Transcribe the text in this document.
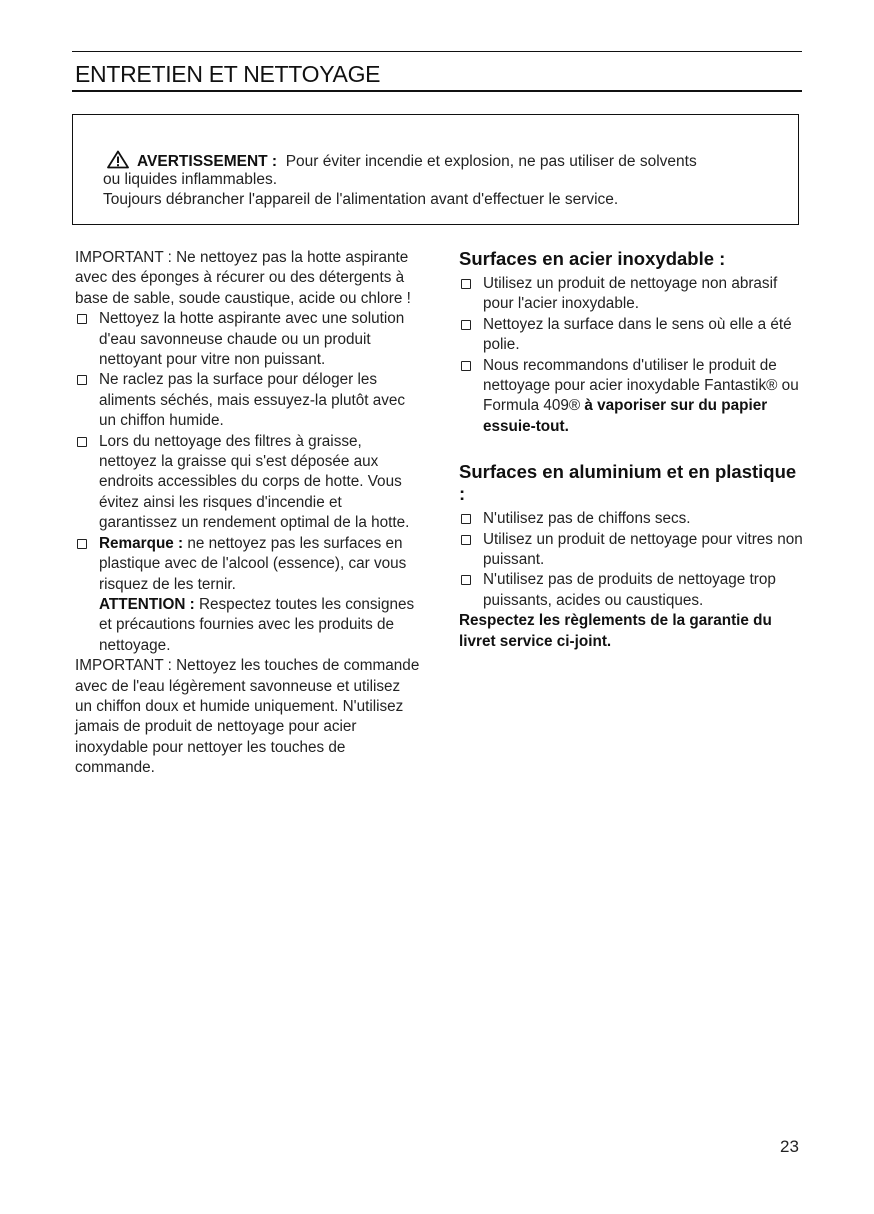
ENTRETIEN ET NETTOYAGE
AVERTISSEMENT : Pour éviter incendie et explosion, ne pas utiliser de solvents
ou liquides inflammables.
Toujours débrancher l'appareil de l'alimentation avant d'effectuer le service.

IMPORTANT : Ne nettoyez pas la hotte aspirante avec des éponges à récurer ou des détergents à base de sable, soude caustique, acide ou chlore !

Nettoyez la hotte aspirante avec une solution d'eau savonneuse chaude ou un produit nettoyant pour vitre non puissant.
Ne raclez pas la surface pour déloger les aliments séchés, mais essuyez-la plutôt avec un chiffon humide.
Lors du nettoyage des filtres à graisse, nettoyez la graisse qui s'est déposée aux endroits accessibles du corps de hotte. Vous évitez ainsi les risques d'incendie et garantissez un rendement optimal de la hotte.
Remarque : ne nettoyez pas les surfaces en plastique avec de l'alcool (essence), car vous risquez de les ternir.

ATTENTION : Respectez toutes les consignes et précautions fournies avec les produits de nettoyage.

IMPORTANT : Nettoyez les touches de commande avec de l'eau légèrement savonneuse et utilisez un chiffon doux et humide uniquement. N'utilisez jamais de produit de nettoyage pour acier inoxydable pour nettoyer les touches de commande.

Surfaces en acier inoxydable :
Utilisez un produit de nettoyage non abrasif pour l'acier inoxydable.
Nettoyez la surface dans le sens où elle a été polie.
Nous recommandons d'utiliser le produit de nettoyage pour acier inoxydable Fantastik® ou Formula 409® à vaporiser sur du papier essuie-tout.
Surfaces en aluminium et en plastique :
N'utilisez pas de chiffons secs.
Utilisez un produit de nettoyage pour vitres non puissant.
N'utilisez pas de produits de nettoyage trop puissants, acides ou caustiques.

Respectez les règlements de la garantie du livret service ci-joint.

23
